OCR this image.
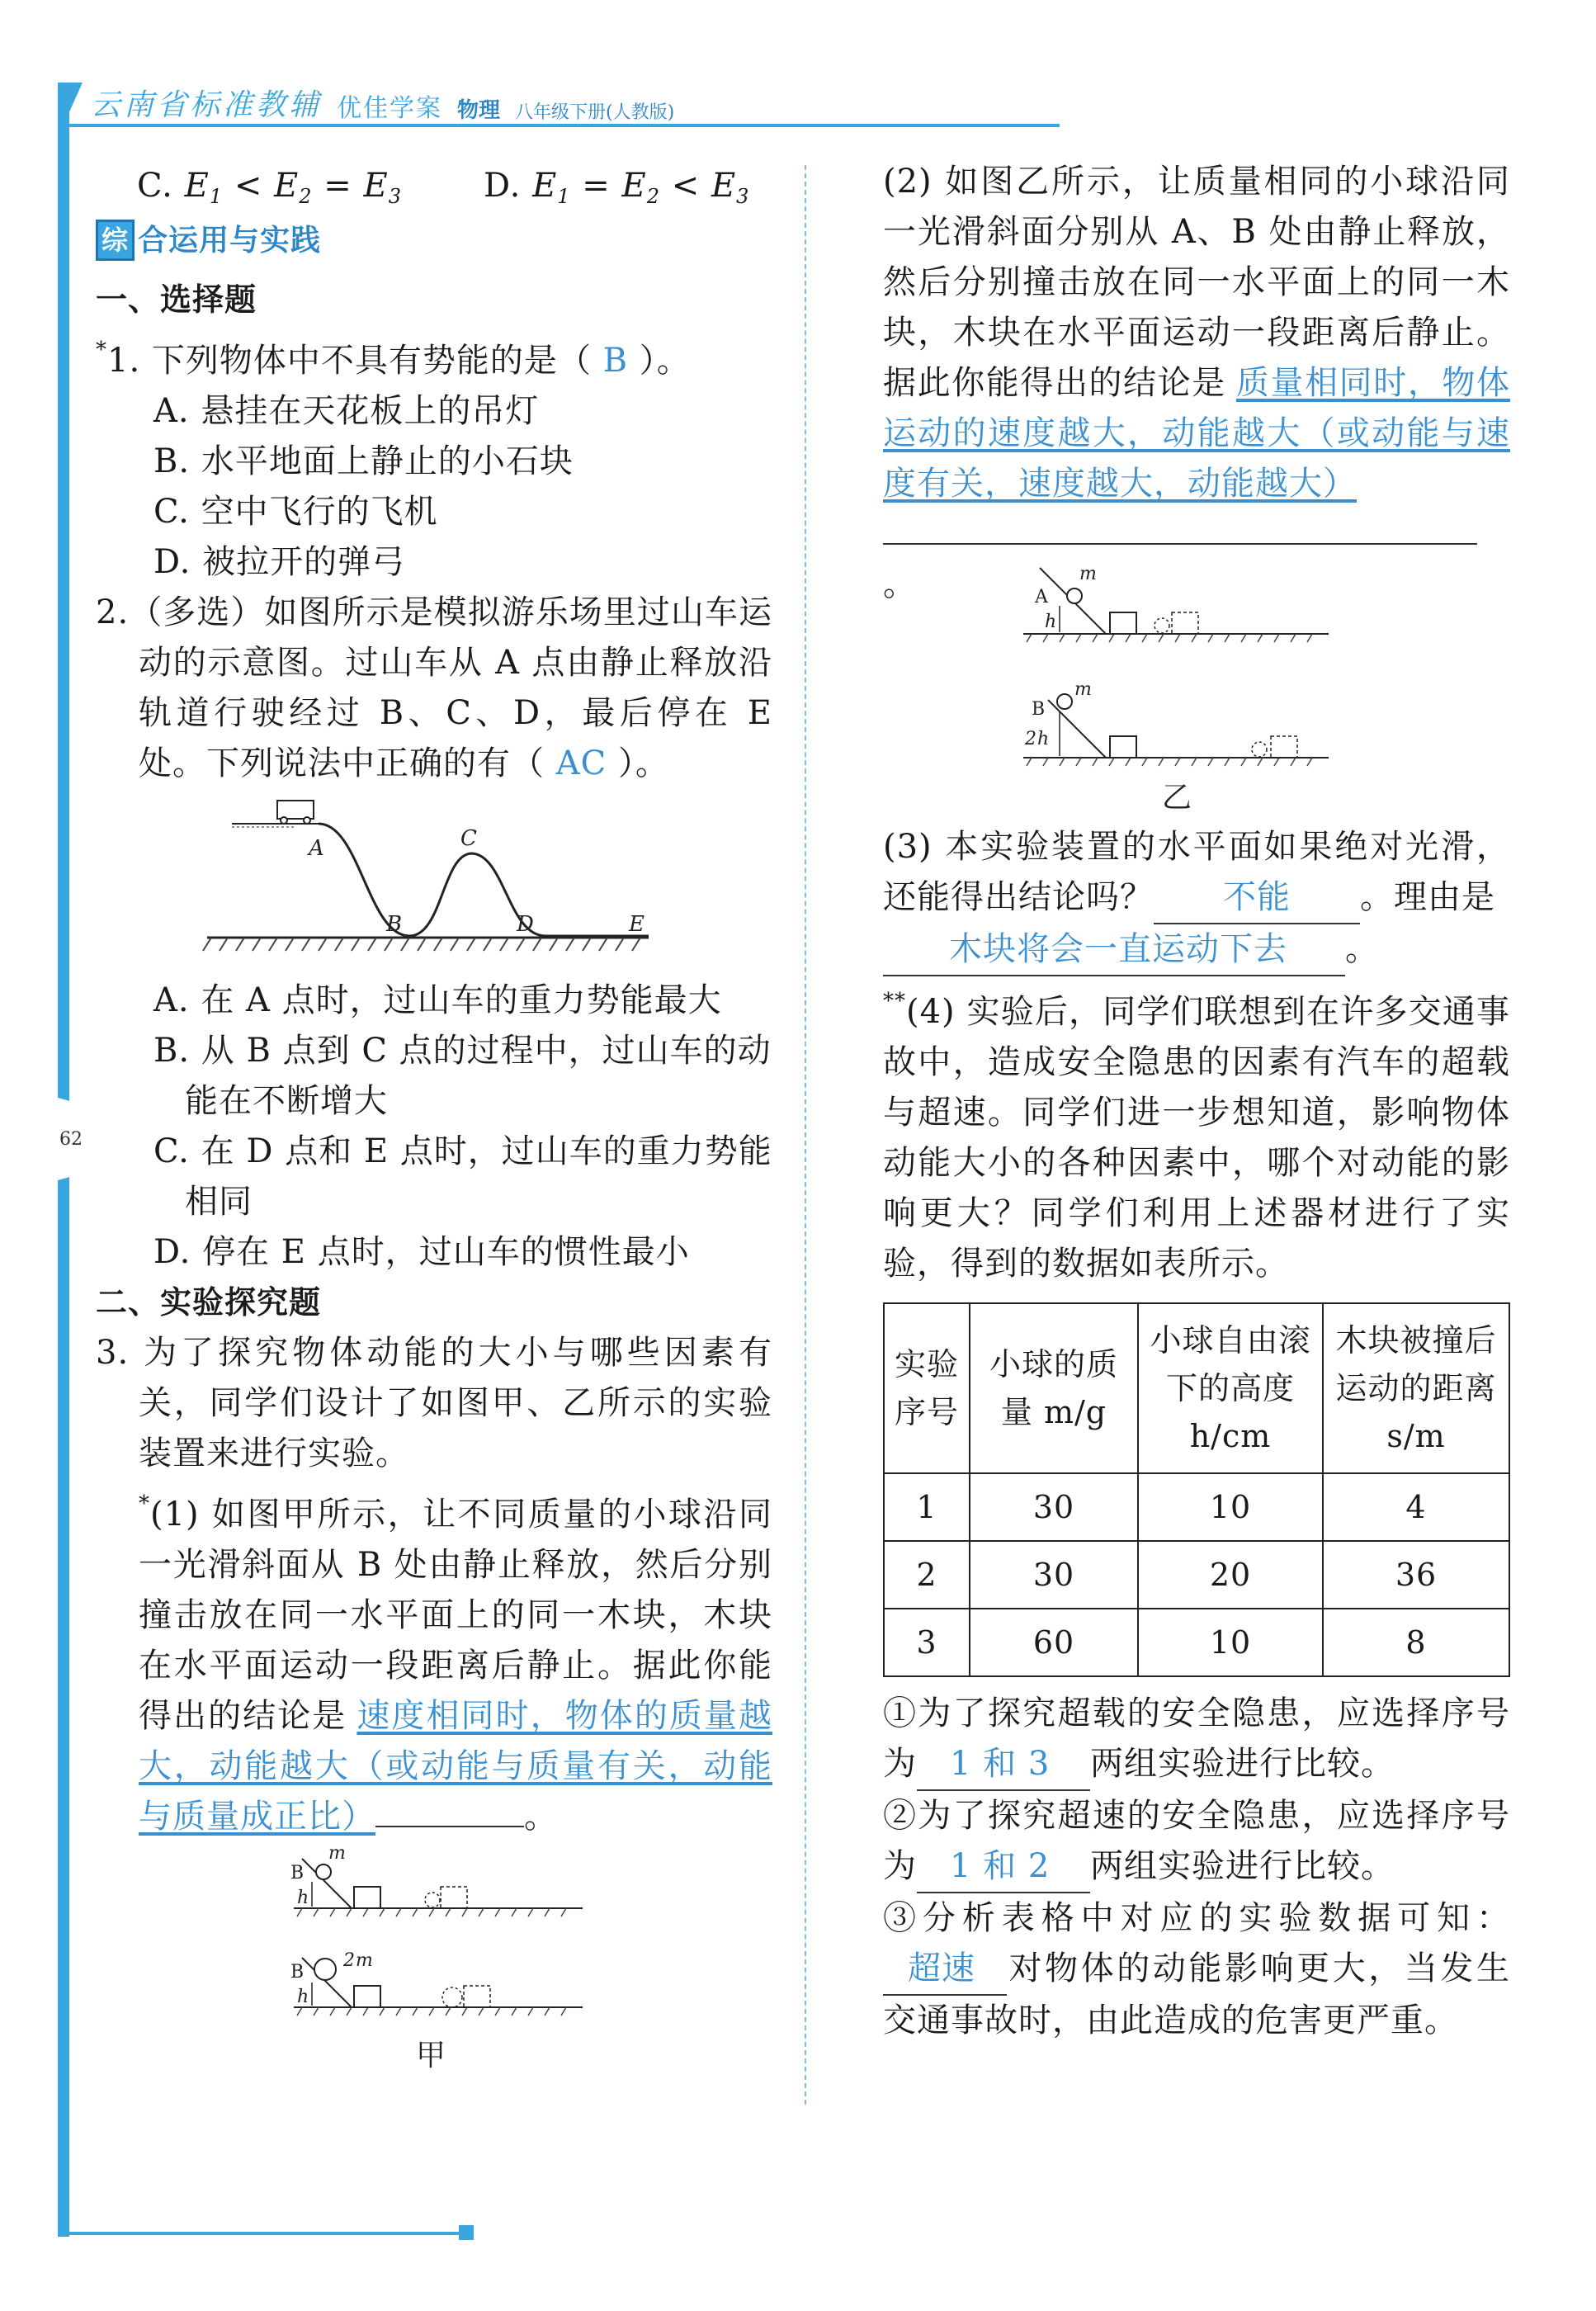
62
云南省标准教辅 优佳学案 物理 八年级下册(人教版)
C. $E_1 < E_2 = E_3$	D. $E_1 = E_2 < E_3$
综 合运用与实践
一、选择题
*1. 下列物体中不具有势能的是（ B ）。
A. 悬挂在天花板上的吊灯
B. 水平地面上静止的小石块
C. 空中飞行的飞机
D. 被拉开的弹弓
2.（多选）如图所示是模拟游乐场里过山车运动的示意图。过山车从 A 点由静止释放沿轨道行驶经过 B、C、D，最后停在 E 处。下列说法中正确的有（ AC ）。
A
B
C
D	E
A. 在 A 点时，过山车的重力势能最大
B. 从 B 点到 C 点的过程中，过山车的动能在不断增大
C. 在 D 点和 E 点时，过山车的重力势能相同
D. 停在 E 点时，过山车的惯性最小
二、实验探究题
3. 为了探究物体动能的大小与哪些因素有关，同学们设计了如图甲、乙所示的实验装置来进行实验。
*(1) 如图甲所示，让不同质量的小球沿同一光滑斜面从 B 处由静止释放，然后分别撞击放在同一水平面上的同一木块，木块在水平面运动一段距离后静止。据此你能得出的结论是 速度相同时，物体的质量越大，动能越大（或动能与质量有关，动能与质量成正比）	。
B
m
h
B
2m
h
甲
(2) 如图乙所示，让质量相同的小球沿同一光滑斜面分别从 A、B 处由静止释放，然后分别撞击放在同一水平面上的同一木块，木块在水平面运动一段距离后静止。据此你能得出的结论是 质量相同时，物体运动的速度越大，动能越大（或动能与速度有关，速度越大，动能越大）
。	A
m
h
B
m
2h
乙
(3) 本实验装置的水平面如果绝对光滑，还能得出结论吗？ 不能 。理由是
木块将会一直运动下去 。
**(4) 实验后，同学们联想到在许多交通事故中，造成安全隐患的因素有汽车的超载与超速。同学们进一步想知道，影响物体动能大小的各种因素中，哪个对动能的影响更大？同学们利用上述器材进行了实验，得到的数据如表所示。
实验序号	小球的质量 m/g	小球自由滚下的高度 h/cm	木块被撞后运动的距离 s/m

1	30	10	4
2	30	20	36
3	60	10	8
①为了探究超载的安全隐患，应选择序号为 1 和 3 两组实验进行比较。
②为了探究超速的安全隐患，应选择序号为 1 和 2 两组实验进行比较。
③分析表格中对应的实验数据可知：超速 对物体的动能影响更大，当发生交通事故时，由此造成的危害更严重。
